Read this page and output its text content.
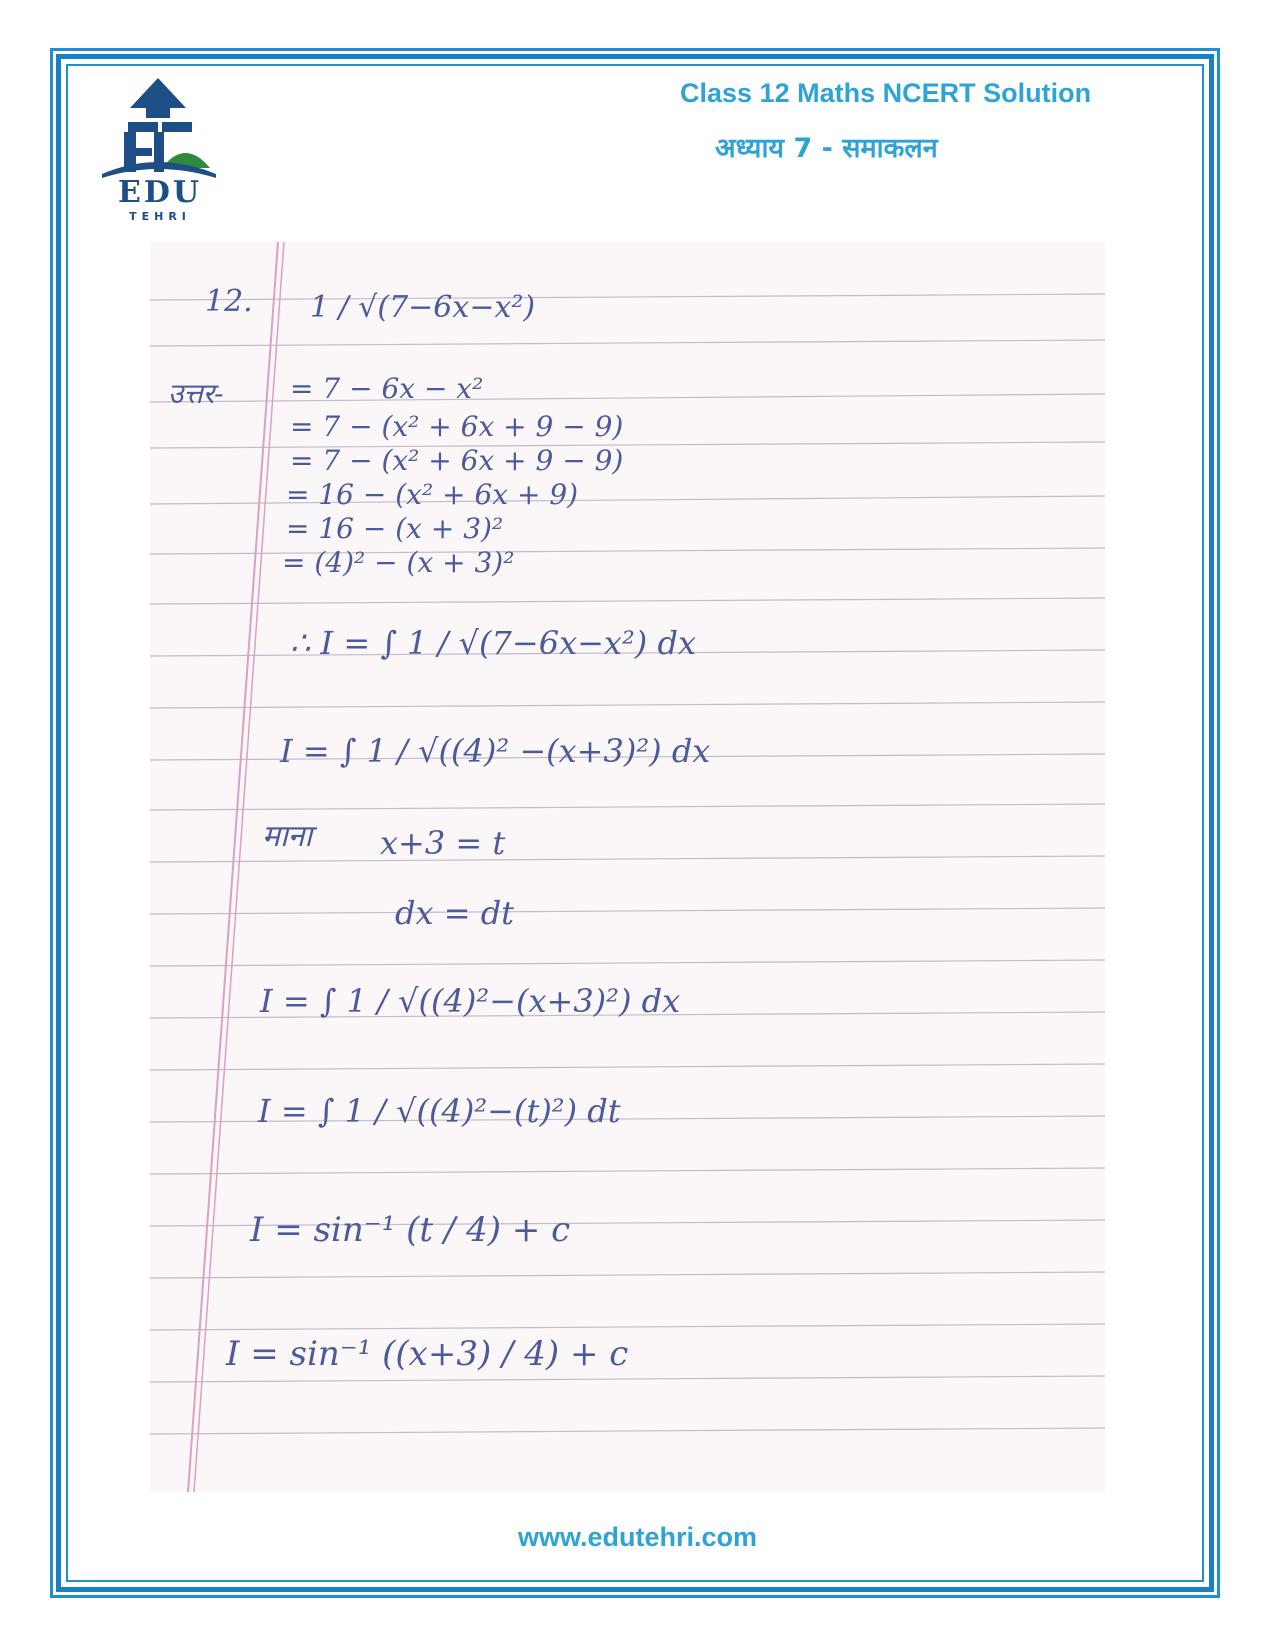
EDU
TEHRI
Class 12 Maths NCERT Solution
अध्याय 7 - समाकलन
12. 1 / √(7−6x−x²)
उत्तर- = 7 − 6x − x²
= 7 − (x² + 6x + 9 − 9)
= 7 − (x² + 6x + 9 − 9)
= 16 − (x² + 6x + 9)
= 16 − (x + 3)²
= (4)² − (x + 3)²
∴ I = ∫ 1 / √(7−6x−x²) dx
I = ∫ 1 / √((4)² −(x+3)²) dx
माना x+3 = t
dx = dt
I = ∫ 1 / √((4)²−(x+3)²) dx
I = ∫ 1 / √((4)²−(t)²) dt
I = sin⁻¹ (t / 4) + c
I = sin⁻¹ ((x+3) / 4) + c
www.edutehri.com
